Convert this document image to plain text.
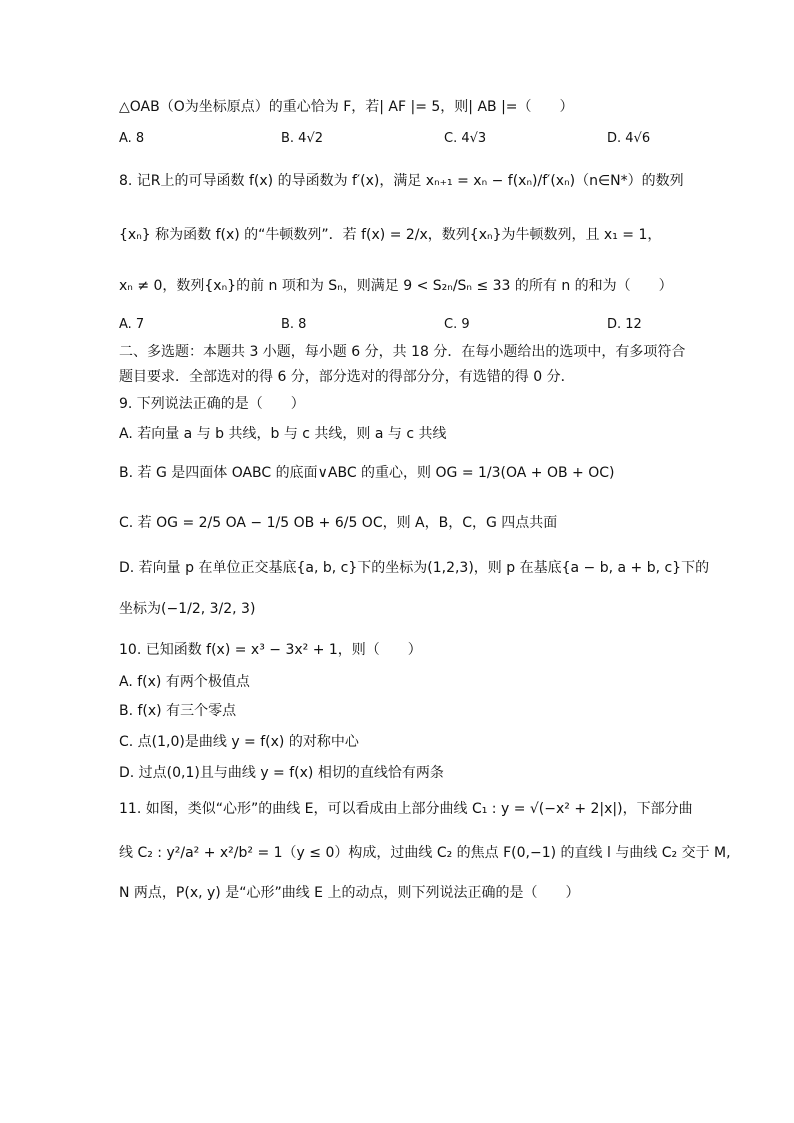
△OAB（O为坐标原点）的重心恰为 F，若| AF |= 5，则| AB |=（　　）
A. 8	B. 4√2	C. 4√3	D. 4√6
8. 记R上的可导函数 f(x) 的导函数为 f′(x)，满足 xₙ₊₁ = xₙ − f(xₙ)/f′(xₙ)（n∈N*）的数列
{xₙ} 称为函数 f(x) 的“牛顿数列”．若 f(x) = 2/x，数列{xₙ}为牛顿数列，且 x₁ = 1，
xₙ ≠ 0，数列{xₙ}的前 n 项和为 Sₙ，则满足 9 < S₂ₙ/Sₙ ≤ 33 的所有 n 的和为（　　）
A. 7	B. 8	C. 9	D. 12
二、多选题：本题共 3 小题，每小题 6 分，共 18 分．在每小题给出的选项中，有多项符合
题目要求．全部选对的得 6 分，部分选对的得部分分，有选错的得 0 分．
9. 下列说法正确的是（　　）
A. 若向量 a 与 b 共线，b 与 c 共线，则 a 与 c 共线
B. 若 G 是四面体 OABC 的底面∨ABC 的重心，则 OG = 1/3(OA + OB + OC)
C. 若 OG = 2/5 OA − 1/5 OB + 6/5 OC，则 A，B，C，G 四点共面
D. 若向量 p 在单位正交基底{a, b, c}下的坐标为(1,2,3)，则 p 在基底{a − b, a + b, c}下的
坐标为(−1/2, 3/2, 3)
10. 已知函数 f(x) = x³ − 3x² + 1，则（　　）
A. f(x) 有两个极值点
B. f(x) 有三个零点
C. 点(1,0)是曲线 y = f(x) 的对称中心
D. 过点(0,1)且与曲线 y = f(x) 相切的直线恰有两条
11. 如图，类似“心形”的曲线 E，可以看成由上部分曲线 C₁ : y = √(−x² + 2|x|)，下部分曲
线 C₂ : y²/a² + x²/b² = 1（y ≤ 0）构成，过曲线 C₂ 的焦点 F(0,−1) 的直线 l 与曲线 C₂ 交于 M,
N 两点，P(x, y) 是“心形”曲线 E 上的动点，则下列说法正确的是（　　）
